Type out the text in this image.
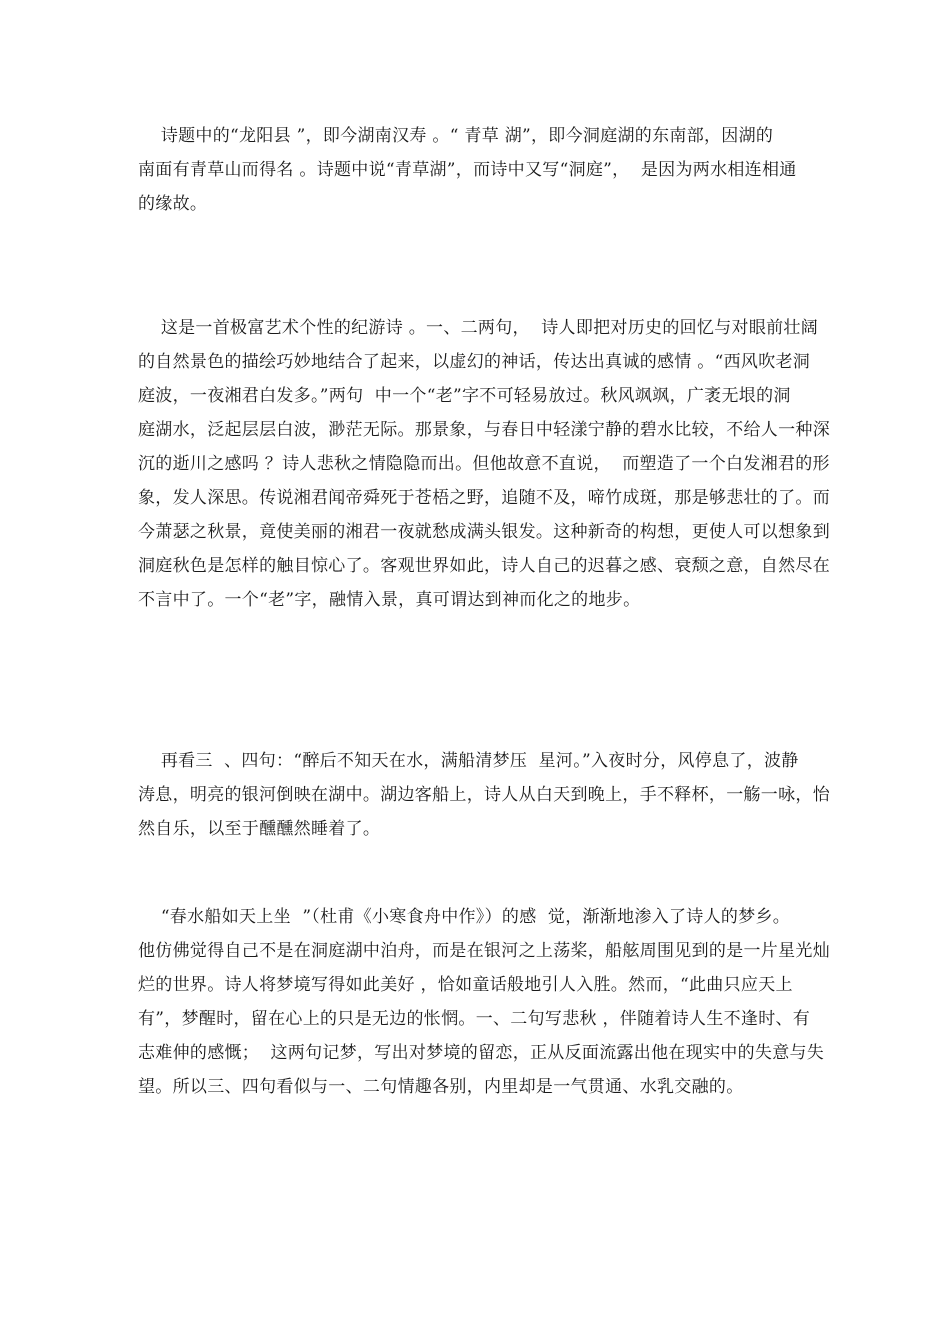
诗题中的“龙阳县 ”，即今湖南汉寿 。“ 青草 湖”，即今洞庭湖的东南部，因湖的
南面有青草山而得名 。诗题中说“青草湖”，而诗中又写“洞庭”，  是因为两水相连相通
的缘故。
这是一首极富艺术个性的纪游诗 。一、二两句，  诗人即把对历史的回忆与对眼前壮阔
的自然景色的描绘巧妙地结合了起来，以虚幻的神话，传达出真诚的感情 。“西风吹老洞
庭波，一夜湘君白发多。”两句  中一个“老”字不可轻易放过。秋风飒飒，广袤无垠的洞
庭湖水，泛起层层白波，渺茫无际。那景象，与春日中轻漾宁静的碧水比较，不给人一种深
沉的逝川之感吗 ？诗人悲秋之情隐隐而出。但他故意不直说，  而塑造了一个白发湘君的形
象，发人深思。传说湘君闻帝舜死于苍梧之野，追随不及，啼竹成斑，那是够悲壮的了。而
今萧瑟之秋景，竟使美丽的湘君一夜就愁成满头银发。这种新奇的构想，更使人可以想象到
洞庭秋色是怎样的触目惊心了。客观世界如此，诗人自己的迟暮之感、衰颓之意，自然尽在
不言中了。一个“老”字，融情入景，真可谓达到神而化之的地步。
再看三  、四句：“醉后不知天在水，满船清梦压  星河。”入夜时分，风停息了，波静
涛息，明亮的银河倒映在湖中。湖边客船上，诗人从白天到晚上，手不释杯，一觞一咏，怡
然自乐，以至于醺醺然睡着了。
“春水船如天上坐  ”（杜甫《小寒食舟中作》）的感  觉，渐渐地渗入了诗人的梦乡。
他仿佛觉得自己不是在洞庭湖中泊舟，而是在银河之上荡桨，船舷周围见到的是一片星光灿
烂的世界。诗人将梦境写得如此美好 ，恰如童话般地引人入胜。然而，“此曲只应天上
有”，梦醒时，留在心上的只是无边的怅惘。一、二句写悲秋 ，伴随着诗人生不逢时、有
志难伸的感慨；  这两句记梦，写出对梦境的留恋，正从反面流露出他在现实中的失意与失
望。所以三、四句看似与一、二句情趣各别，内里却是一气贯通、水乳交融的。
